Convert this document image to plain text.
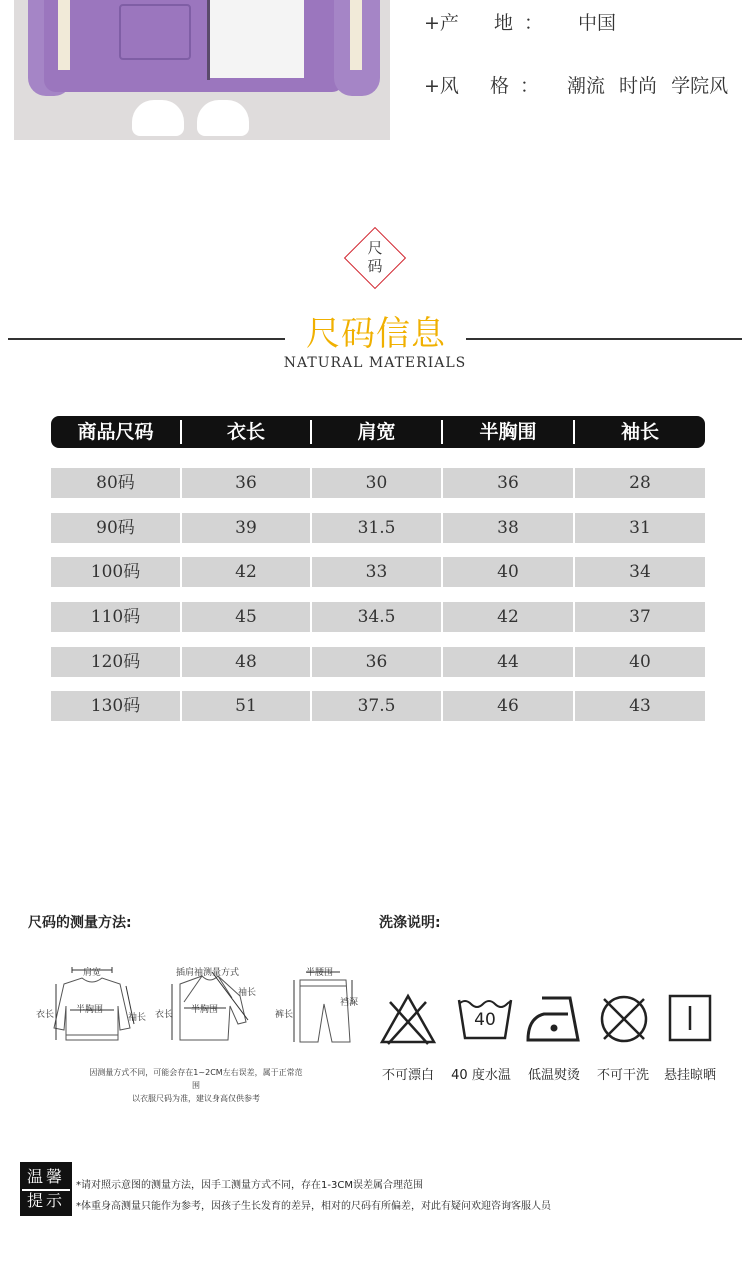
+产 地 ： 中国
+风 格 ： 潮流 时尚 学院风
尺
码
尺码信息
NATURAL MATERIALS
商品尺码	衣长	肩宽	半胸围	袖长
80码	36	30	36	28
90码	39	31.5	38	31
100码	42	33	40	34
110码	45	34.5	42	37
120码	48	36	44	40
130码	51	37.5	46	43
尺码的测量方法:
肩宽
衣长 半胸围
袖长
插肩袖测量方式
衣长 半胸围
袖长
半腰围
裤长
裆深
因测量方式不同，可能会存在1~2CM左右误差，属于正常范围
以衣服尺码为准，建议身高仅供参考
洗涤说明:
40
不可漂白	40 度水温	低温熨烫	不可干洗	悬挂晾晒
温馨
提示
*请对照示意图的测量方法，因手工测量方式不同，存在1-3CM误差属合理范围
*体重身高测量只能作为参考，因孩子生长发育的差异，相对的尺码有所偏差，对此有疑问欢迎咨询客服人员
